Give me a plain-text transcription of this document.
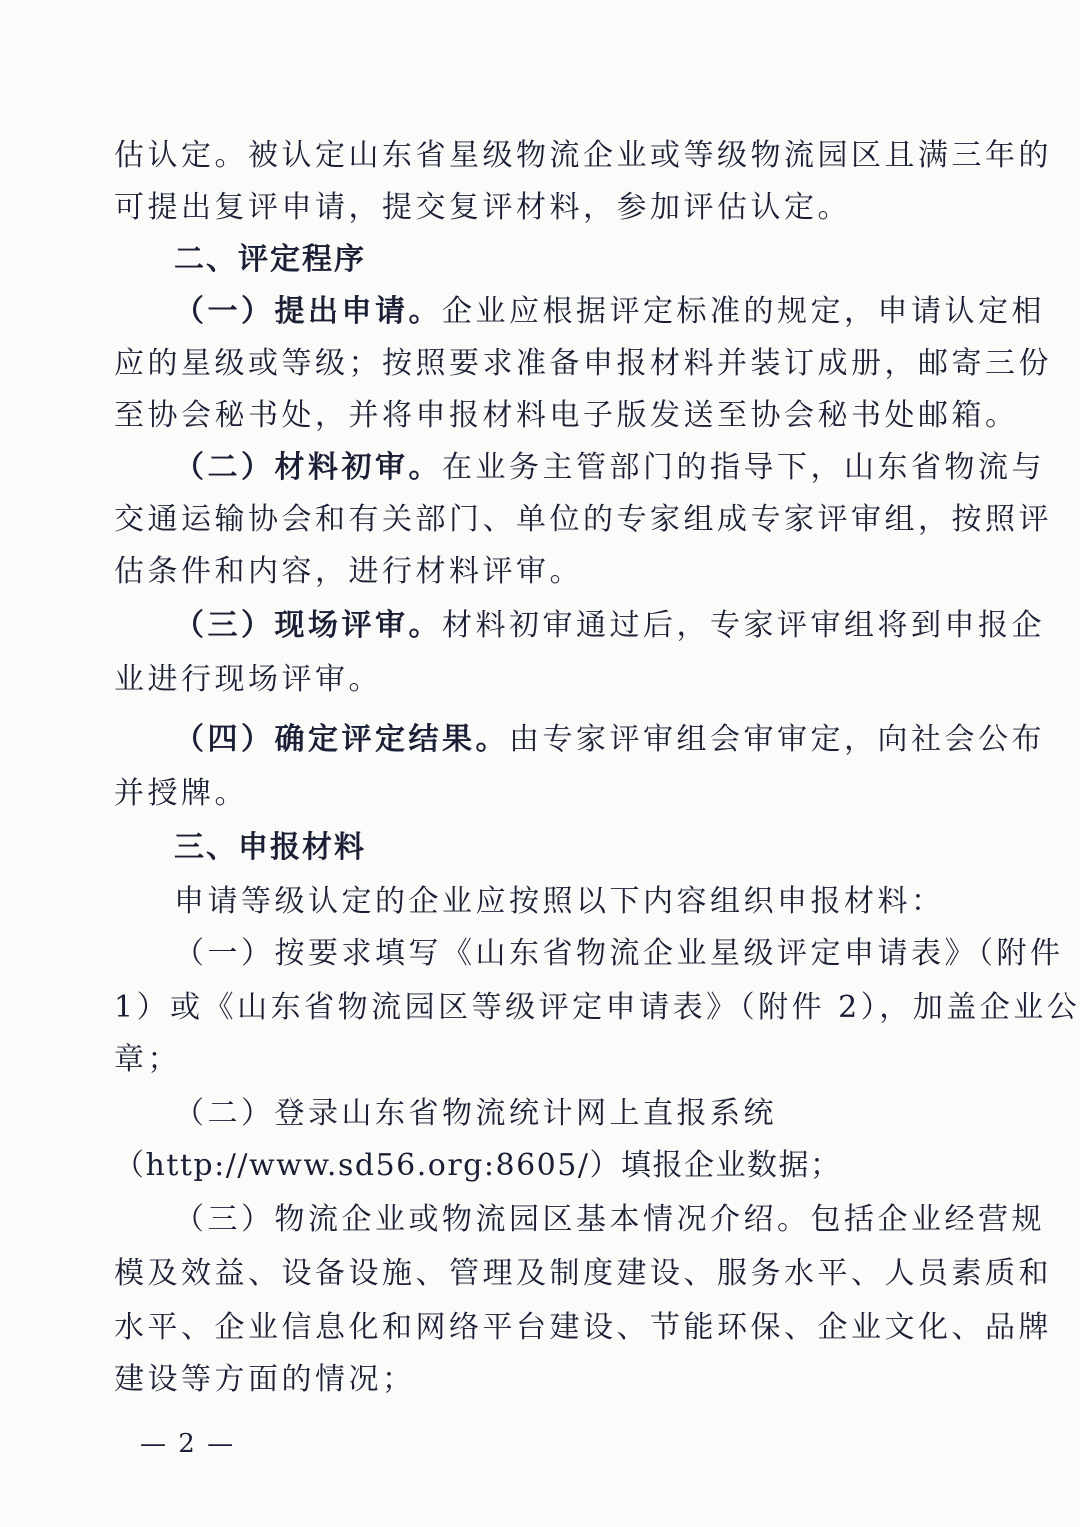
估认定。被认定山东省星级物流企业或等级物流园区且满三年的
可提出复评申请，提交复评材料，参加评估认定。
二、评定程序
（一）提出申请。企业应根据评定标准的规定，申请认定相
应的星级或等级；按照要求准备申报材料并装订成册，邮寄三份
至协会秘书处，并将申报材料电子版发送至协会秘书处邮箱。
（二）材料初审。在业务主管部门的指导下，山东省物流与
交通运输协会和有关部门、单位的专家组成专家评审组，按照评
估条件和内容，进行材料评审。
（三）现场评审。材料初审通过后，专家评审组将到申报企
业进行现场评审。
（四）确定评定结果。由专家评审组会审审定，向社会公布
并授牌。
三、申报材料
申请等级认定的企业应按照以下内容组织申报材料：
（一）按要求填写《山东省物流企业星级评定申请表》（附件
1）或《山东省物流园区等级评定申请表》（附件 2），加盖企业公
章；
（二）登录山东省物流统计网上直报系统
（http://www.sd56.org:8605/）填报企业数据；
（三）物流企业或物流园区基本情况介绍。包括企业经营规
模及效益、设备设施、管理及制度建设、服务水平、人员素质和
水平、企业信息化和网络平台建设、节能环保、企业文化、品牌
建设等方面的情况；
— 2 —
